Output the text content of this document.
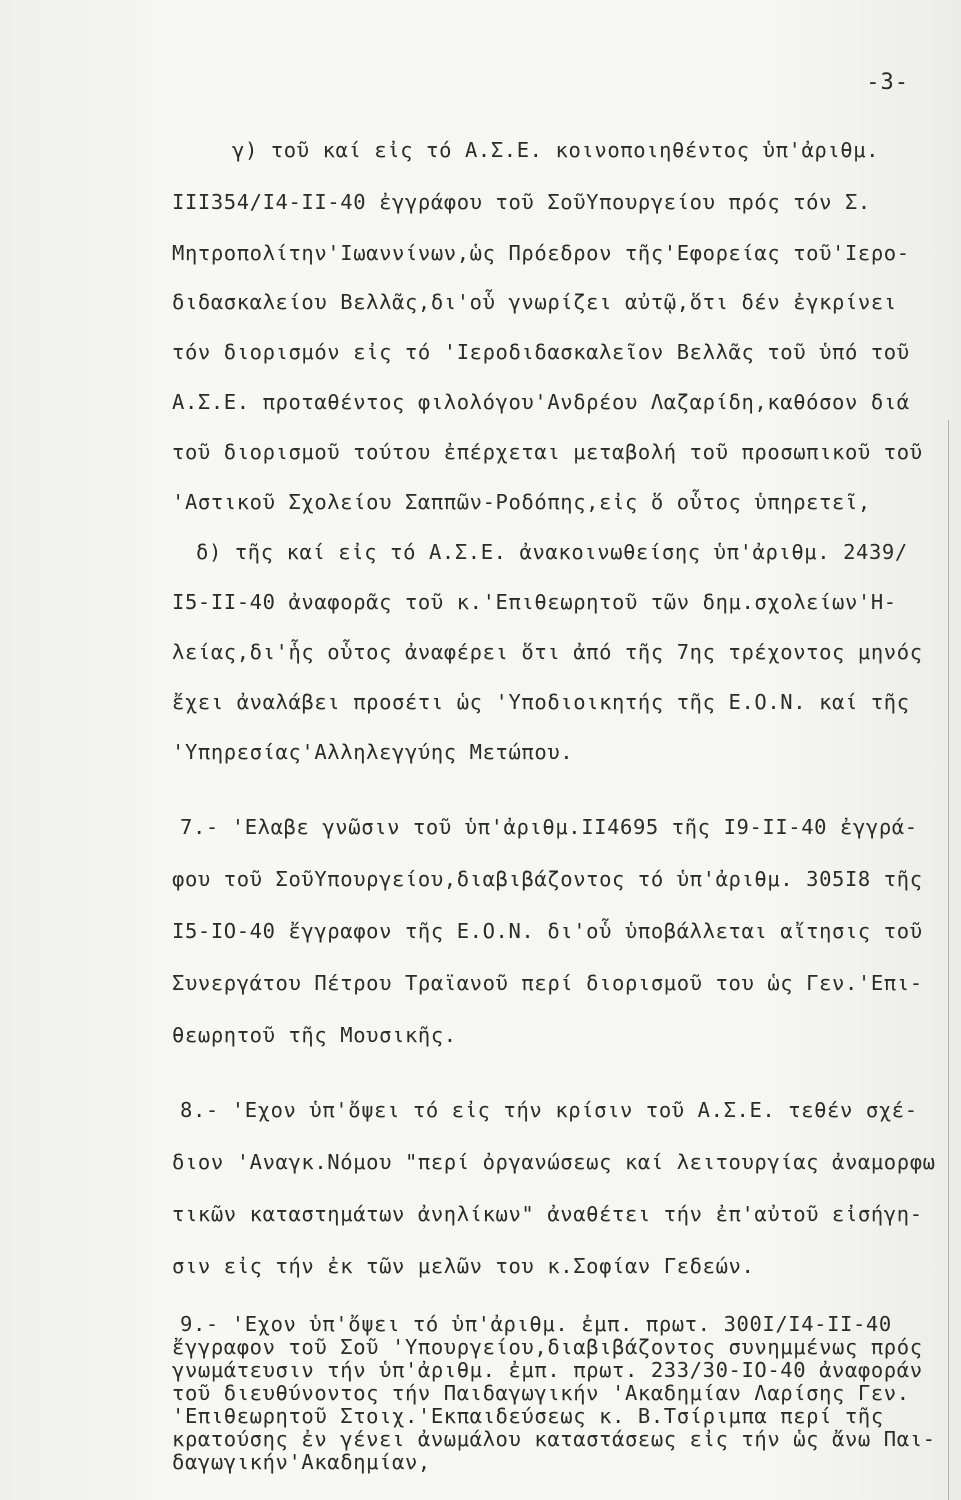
-3-
γ) τοῦ καί εἰς τό Α.Σ.Ε. κοινοποιηθέντος ὑπ'ἀριθμ.
III354/I4-II-40 ἐγγράφου τοῦ ΣοῦΥπουργείου πρός τόν Σ.
Μητροπολίτην'Ιωαννίνων,ὡς Πρόεδρον τῆς'Εφορείας τοῦ'Ιερο-
διδασκαλείου Βελλᾶς,δι'οὗ γνωρίζει αὐτῷ,ὅτι δέν ἐγκρίνει
τόν διορισμόν εἰς τό 'Ιεροδιδασκαλεῖον Βελλᾶς τοῦ ὑπό τοῦ
Α.Σ.Ε. προταθέντος φιλολόγου'Ανδρέου Λαζαρίδη,καθόσον διά
τοῦ διορισμοῦ τούτου ἐπέρχεται μεταβολή τοῦ προσωπικοῦ τοῦ
'Αστικοῦ Σχολείου Σαππῶν-Ροδόπης,εἰς ὅ οὗτος ὑπηρετεῖ,
δ) τῆς καί εἰς τό Α.Σ.Ε. ἀνακοινωθείσης ὑπ'ἀριθμ. 2439/
I5-II-40 ἀναφορᾶς τοῦ κ.'Επιθεωρητοῦ τῶν δημ.σχολείων'Η-
λείας,δι'ἧς οὗτος ἀναφέρει ὅτι ἀπό τῆς 7ης τρέχοντος μηνός
ἔχει ἀναλάβει προσέτι ὡς 'Υποδιοικητής τῆς Ε.Ο.Ν. καί τῆς
'Υπηρεσίας'Αλληλεγγύης Μετώπου.
7.- 'Ελαβε γνῶσιν τοῦ ὑπ'ἀριθμ.II4695 τῆς I9-II-40 ἐγγρά-
φου τοῦ ΣοῦΥπουργείου,διαβιβάζοντος τό ὑπ'ἀριθμ. 305I8 τῆς
I5-IO-40 ἔγγραφον τῆς Ε.Ο.Ν. δι'οὗ ὑποβάλλεται αἴτησις τοῦ
Συνεργάτου Πέτρου Τραϊανοῦ περί διορισμοῦ του ὡς Γεν.'Επι-
θεωρητοῦ τῆς Μουσικῆς.
8.- 'Εχον ὑπ'ὄψει τό εἰς τήν κρίσιν τοῦ Α.Σ.Ε. τεθέν σχέ-
διον 'Αναγκ.Νόμου "περί ὀργανώσεως καί λειτουργίας ἀναμορφω
τικῶν καταστημάτων ἀνηλίκων" ἀναθέτει τήν ἐπ'αὐτοῦ εἰσήγη-
σιν εἰς τήν ἐκ τῶν μελῶν του κ.Σοφίαν Γεδεών.
9.- 'Εχον ὑπ'ὄψει τό ὑπ'ἀριθμ. ἐμπ. πρωτ. 300I/I4-II-40
ἔγγραφον τοῦ Σοῦ 'Υπουργείου,διαβιβάζοντος συνημμένως πρός
γνωμάτευσιν τήν ὑπ'ἀριθμ. ἐμπ. πρωτ. 233/30-IO-40 ἀναφοράν
τοῦ διευθύνοντος τήν Παιδαγωγικήν 'Ακαδημίαν Λαρίσης Γεν.
'Επιθεωρητοῦ Στοιχ.'Εκπαιδεύσεως κ. Β.Τσίριμπα περί τῆς
κρατούσης ἐν γένει ἀνωμάλου καταστάσεως εἰς τήν ὡς ἄνω Παι-
δαγωγικήν'Ακαδημίαν,
